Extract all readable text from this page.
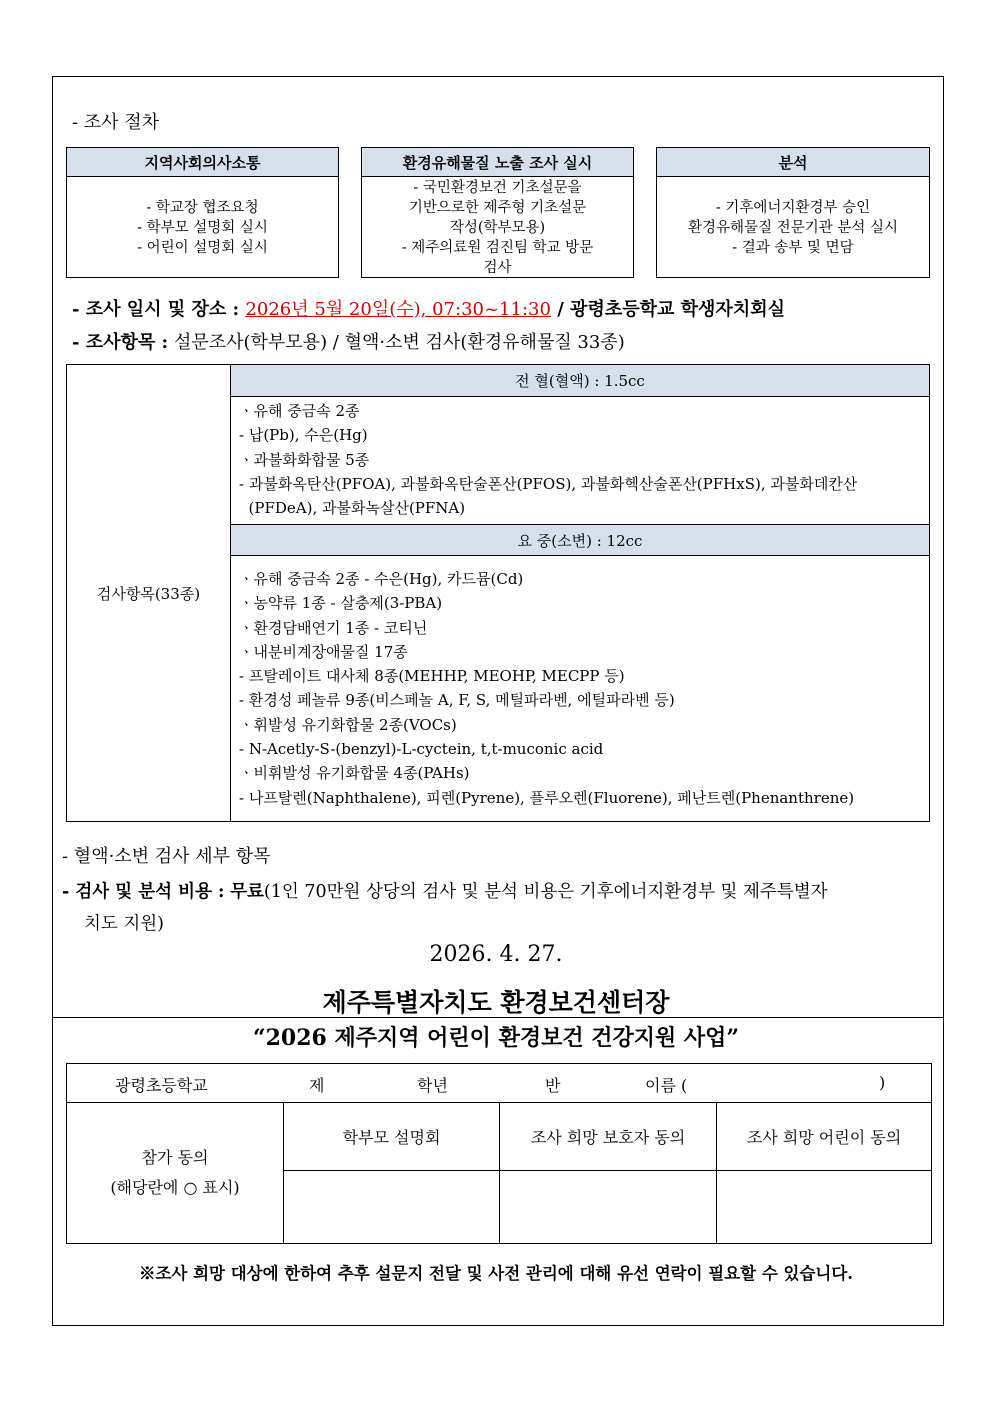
- 조사 절차
지역사회의사소통
- 학교장 협조요청
- 학부모 설명회 실시
- 어린이 설명회 실시
환경유해물질 노출 조사 실시
- 국민환경보건 기초설문을
기반으로한 제주형 기초설문
작성(학부모용)
- 제주의료원 검진팀 학교 방문
검사
분석
- 기후에너지환경부 승인
환경유해물질 전문기관 분석 실시
- 결과 송부 및 면담
- 조사 일시 및 장소 : 2026년 5월 20일(수), 07:30~11:30 / 광령초등학교 학생자치회실
- 조사항목 : 설문조사(학부모용) / 혈액·소변 검사(환경유해물질 33종)
검사항목(33종)
전 혈(혈액) : 1.5cc
ㆍ유해 중금속 2종
- 납(Pb), 수은(Hg)
ㆍ과불화화합물 5종
- 과불화옥탄산(PFOA), 과불화옥탄술폰산(PFOS), 과불화헥산술폰산(PFHxS), 과불화데칸산
(PFDeA), 과불화녹살산(PFNA)
요 중(소변) : 12cc
ㆍ유해 중금속 2종 - 수은(Hg), 카드뮴(Cd)
ㆍ농약류 1종 - 살충제(3-PBA)
ㆍ환경담배연기 1종 - 코티닌
ㆍ내분비계장애물질 17종
- 프탈레이트 대사체 8종(MEHHP, MEOHP, MECPP 등)
- 환경성 페놀류 9종(비스페놀 A, F, S, 메틸파라벤, 에틸파라벤 등)
ㆍ휘발성 유기화합물 2종(VOCs)
- N-Acetly-S-(benzyl)-L-cyctein, t,t-muconic acid
ㆍ비휘발성 유기화합물 4종(PAHs)
- 나프탈렌(Naphthalene), 피렌(Pyrene), 플루오렌(Fluorene), 페난트렌(Phenanthrene)
- 혈액·소변 검사 세부 항목
- 검사 및 분석 비용 : 무료(1인 70만원 상당의 검사 및 분석 비용은 기후에너지환경부 및 제주특별자
치도 지원)
2026. 4. 27.
제주특별자치도 환경보건센터장
“2026 제주지역 어린이 환경보건 건강지원 사업”
광령초등학교	제	학년	반	이름 (	)
참가 동의
(해당란에 ○ 표시)
학부모 설명회	조사 희망 보호자 동의	조사 희망 어린이 동의
※조사 희망 대상에 한하여 추후 설문지 전달 및 사전 관리에 대해 유선 연락이 필요할 수 있습니다.
